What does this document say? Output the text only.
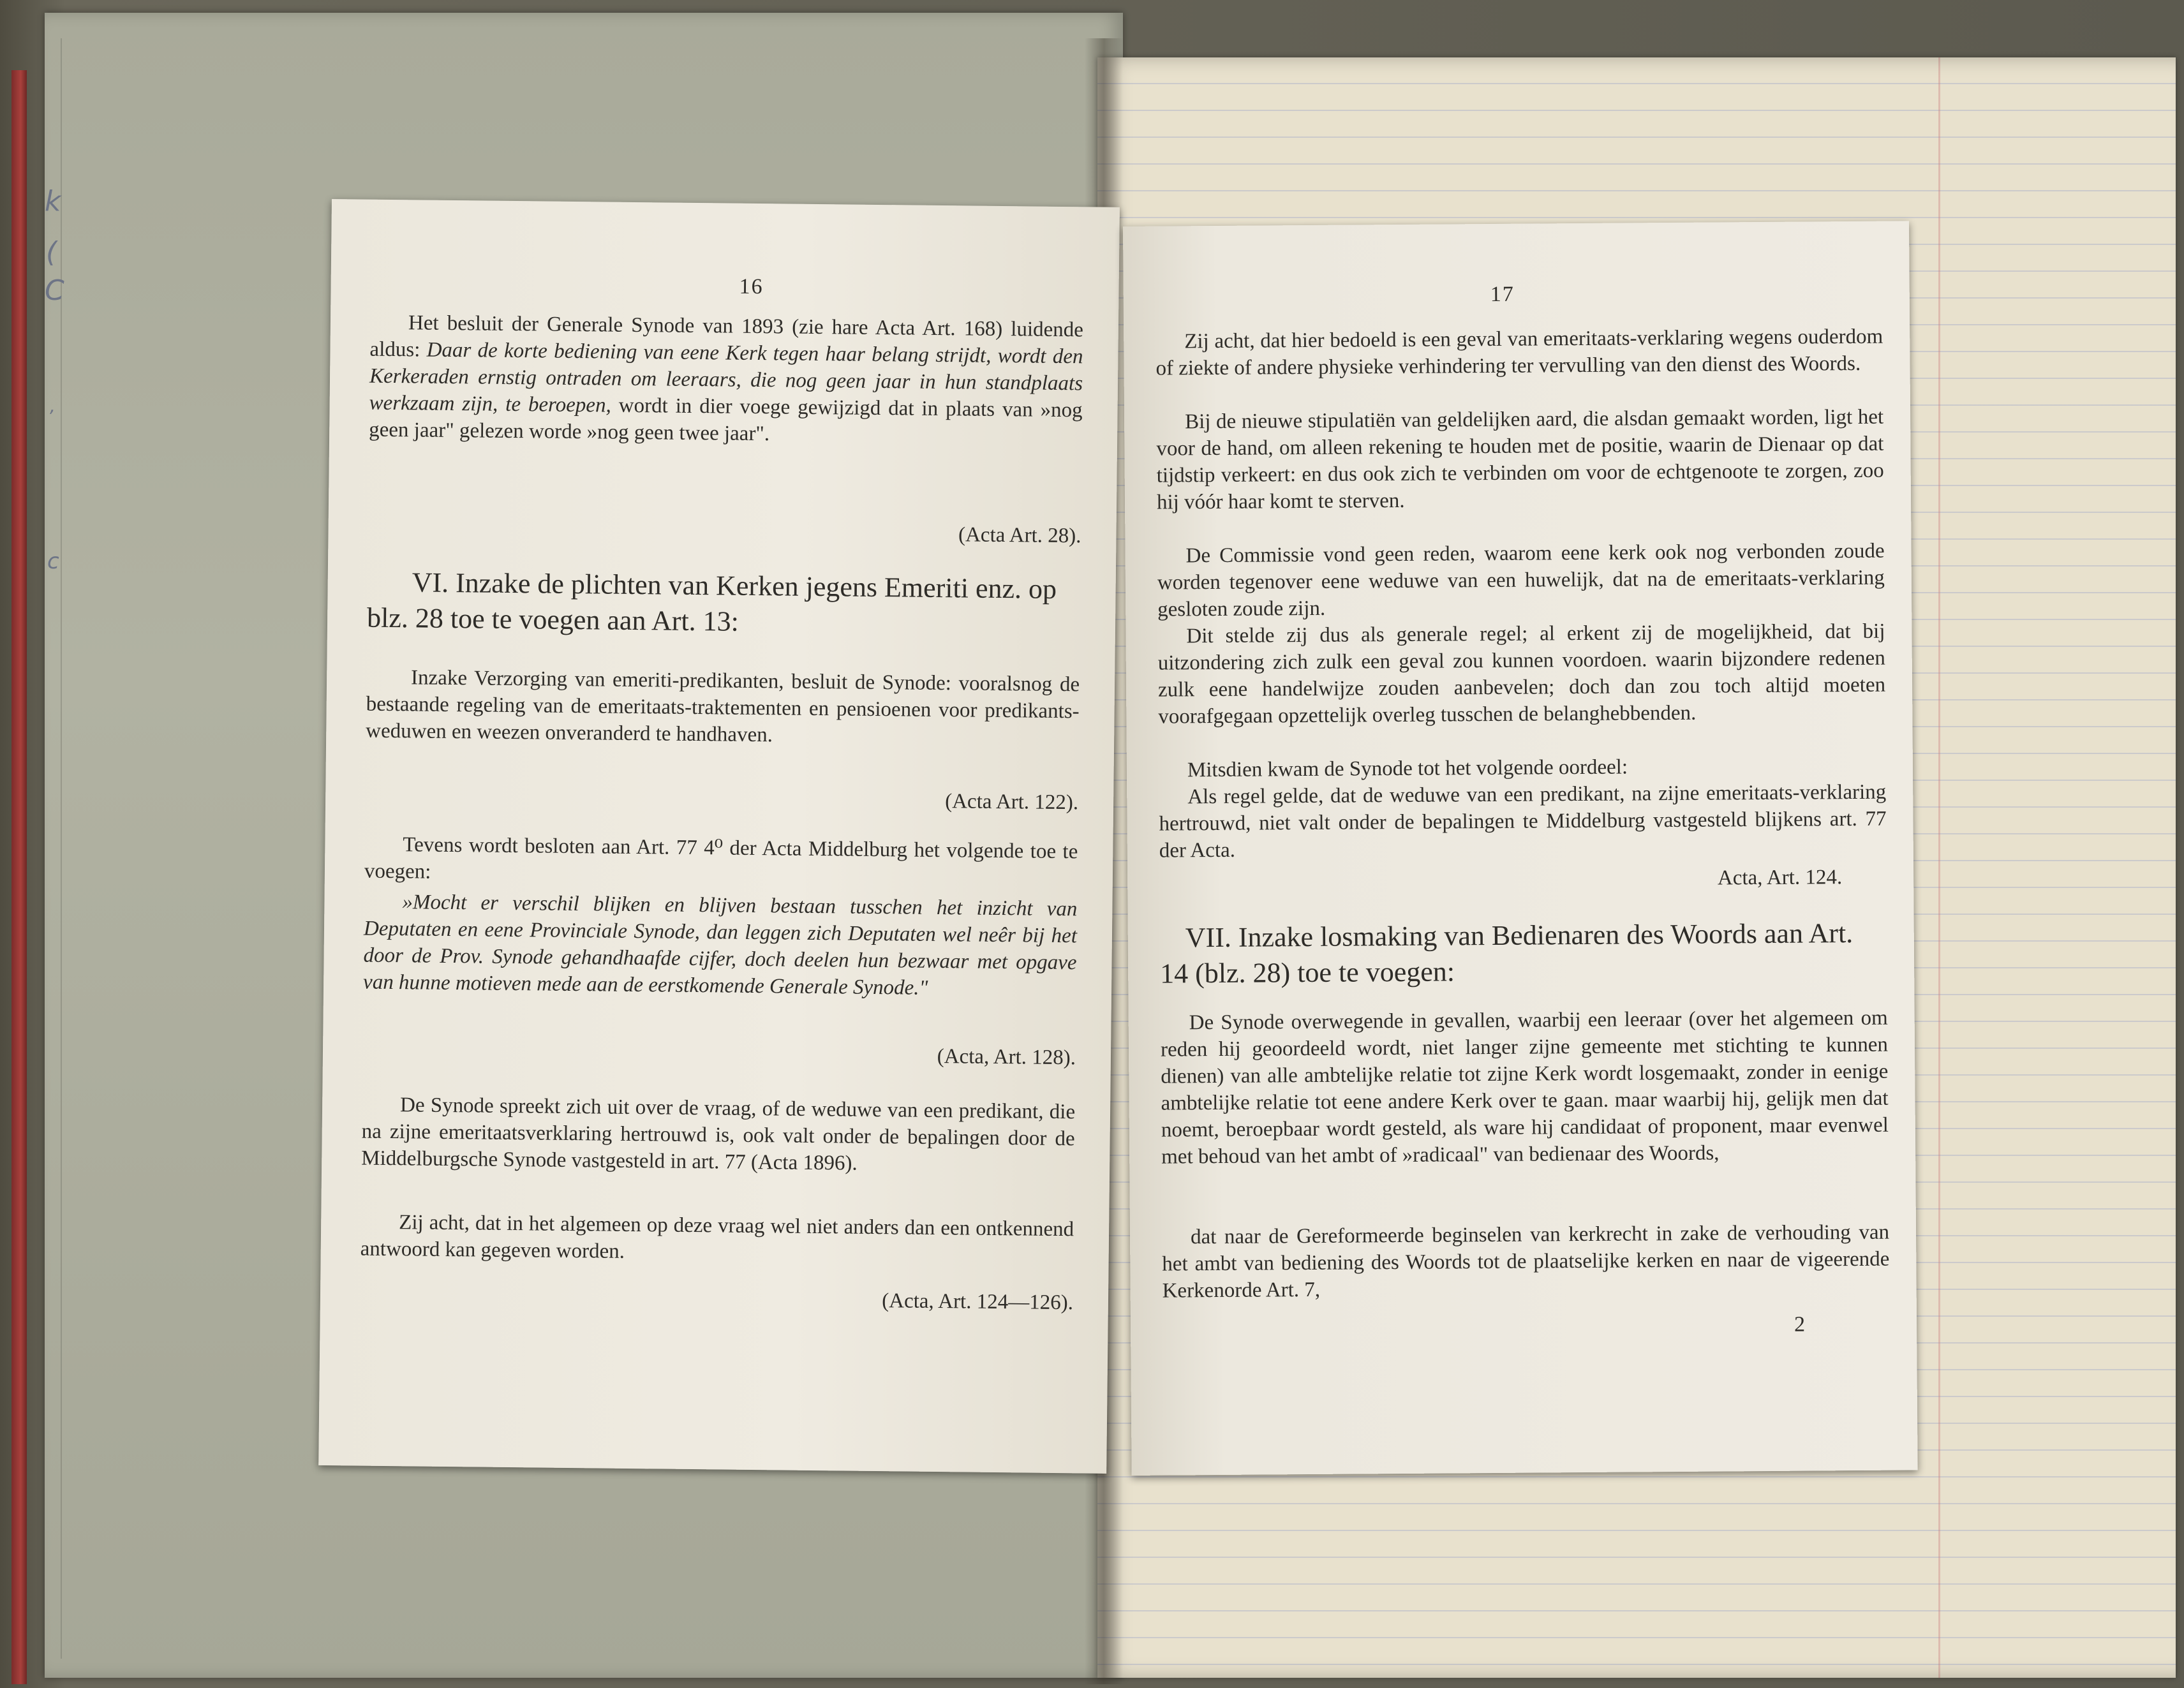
k
(
C
,
c
16

Het besluit der Generale Synode van 1893 (zie hare Acta Art. 168) luidende aldus: Daar de korte bediening van eene Kerk tegen haar belang strijdt, wordt den Kerkeraden ernstig ontraden om leeraars, die nog geen jaar in hun standplaats werkzaam zijn, te beroepen, wordt in dier voege gewijzigd dat in plaats van »nog geen jaar" gelezen worde »nog geen twee jaar".

(Acta Art. 28).

VI. Inzake de plichten van Kerken jegens Emeriti enz. op blz. 28 toe te voegen aan Art. 13:

Inzake Verzorging van emeriti-predikanten, besluit de Synode: vooralsnog de bestaande regeling van de emeritaats-traktementen en pensioenen voor predikants-weduwen en weezen onveranderd te handhaven.

(Acta Art. 122).

Tevens wordt besloten aan Art. 77 4⁰ der Acta Middelburg het volgende toe te voegen:

»Mocht er verschil blijken en blijven bestaan tusschen het inzicht van Deputaten en eene Provinciale Synode, dan leggen zich Deputaten wel neêr bij het door de Prov. Synode gehandhaafde cijfer, doch deelen hun bezwaar met opgave van hunne motieven mede aan de eerstkomende Generale Synode."

(Acta, Art. 128).

De Synode spreekt zich uit over de vraag, of de weduwe van een predikant, die na zijne emeritaatsverklaring hertrouwd is, ook valt onder de bepalingen door de Middelburgsche Synode vastgesteld in art. 77 (Acta 1896).

Zij acht, dat in het algemeen op deze vraag wel niet anders dan een ontkennend antwoord kan gegeven worden.

(Acta, Art. 124—126).
17

Zij acht, dat hier bedoeld is een geval van emeritaats-verklaring wegens ouderdom of ziekte of andere physieke verhindering ter vervulling van den dienst des Woords.

Bij de nieuwe stipulatiën van geldelijken aard, die alsdan gemaakt worden, ligt het voor de hand, om alleen rekening te houden met de positie, waarin de Dienaar op dat tijdstip verkeert: en dus ook zich te verbinden om voor de echtgenoote te zorgen, zoo hij vóór haar komt te sterven.

De Commissie vond geen reden, waarom eene kerk ook nog verbonden zoude worden tegenover eene weduwe van een huwelijk, dat na de emeritaats-verklaring gesloten zoude zijn.

Dit stelde zij dus als generale regel; al erkent zij de mogelijkheid, dat bij uitzondering zich zulk een geval zou kunnen voordoen. waarin bijzondere redenen zulk eene handelwijze zouden aanbevelen; doch dan zou toch altijd moeten voorafgegaan opzettelijk overleg tusschen de belanghebbenden.

Mitsdien kwam de Synode tot het volgende oordeel:

Als regel gelde, dat de weduwe van een predikant, na zijne emeritaats-verklaring hertrouwd, niet valt onder de bepalingen te Middelburg vastgesteld blijkens art. 77 der Acta.

Acta, Art. 124.

VII. Inzake losmaking van Bedienaren des Woords aan Art. 14 (blz. 28) toe te voegen:

De Synode overwegende in gevallen, waarbij een leeraar (over het algemeen om reden hij geoordeeld wordt, niet langer zijne gemeente met stichting te kunnen dienen) van alle ambtelijke relatie tot zijne Kerk wordt losgemaakt, zonder in eenige ambtelijke relatie tot eene andere Kerk over te gaan. maar waarbij hij, gelijk men dat noemt, beroepbaar wordt gesteld, als ware hij candidaat of proponent, maar evenwel met behoud van het ambt of »radicaal" van bedienaar des Woords,

dat naar de Gereformeerde beginselen van kerkrecht in zake de verhouding van het ambt van bediening des Woords tot de plaatselijke kerken en naar de vigeerende Kerkenorde Art. 7,

2
